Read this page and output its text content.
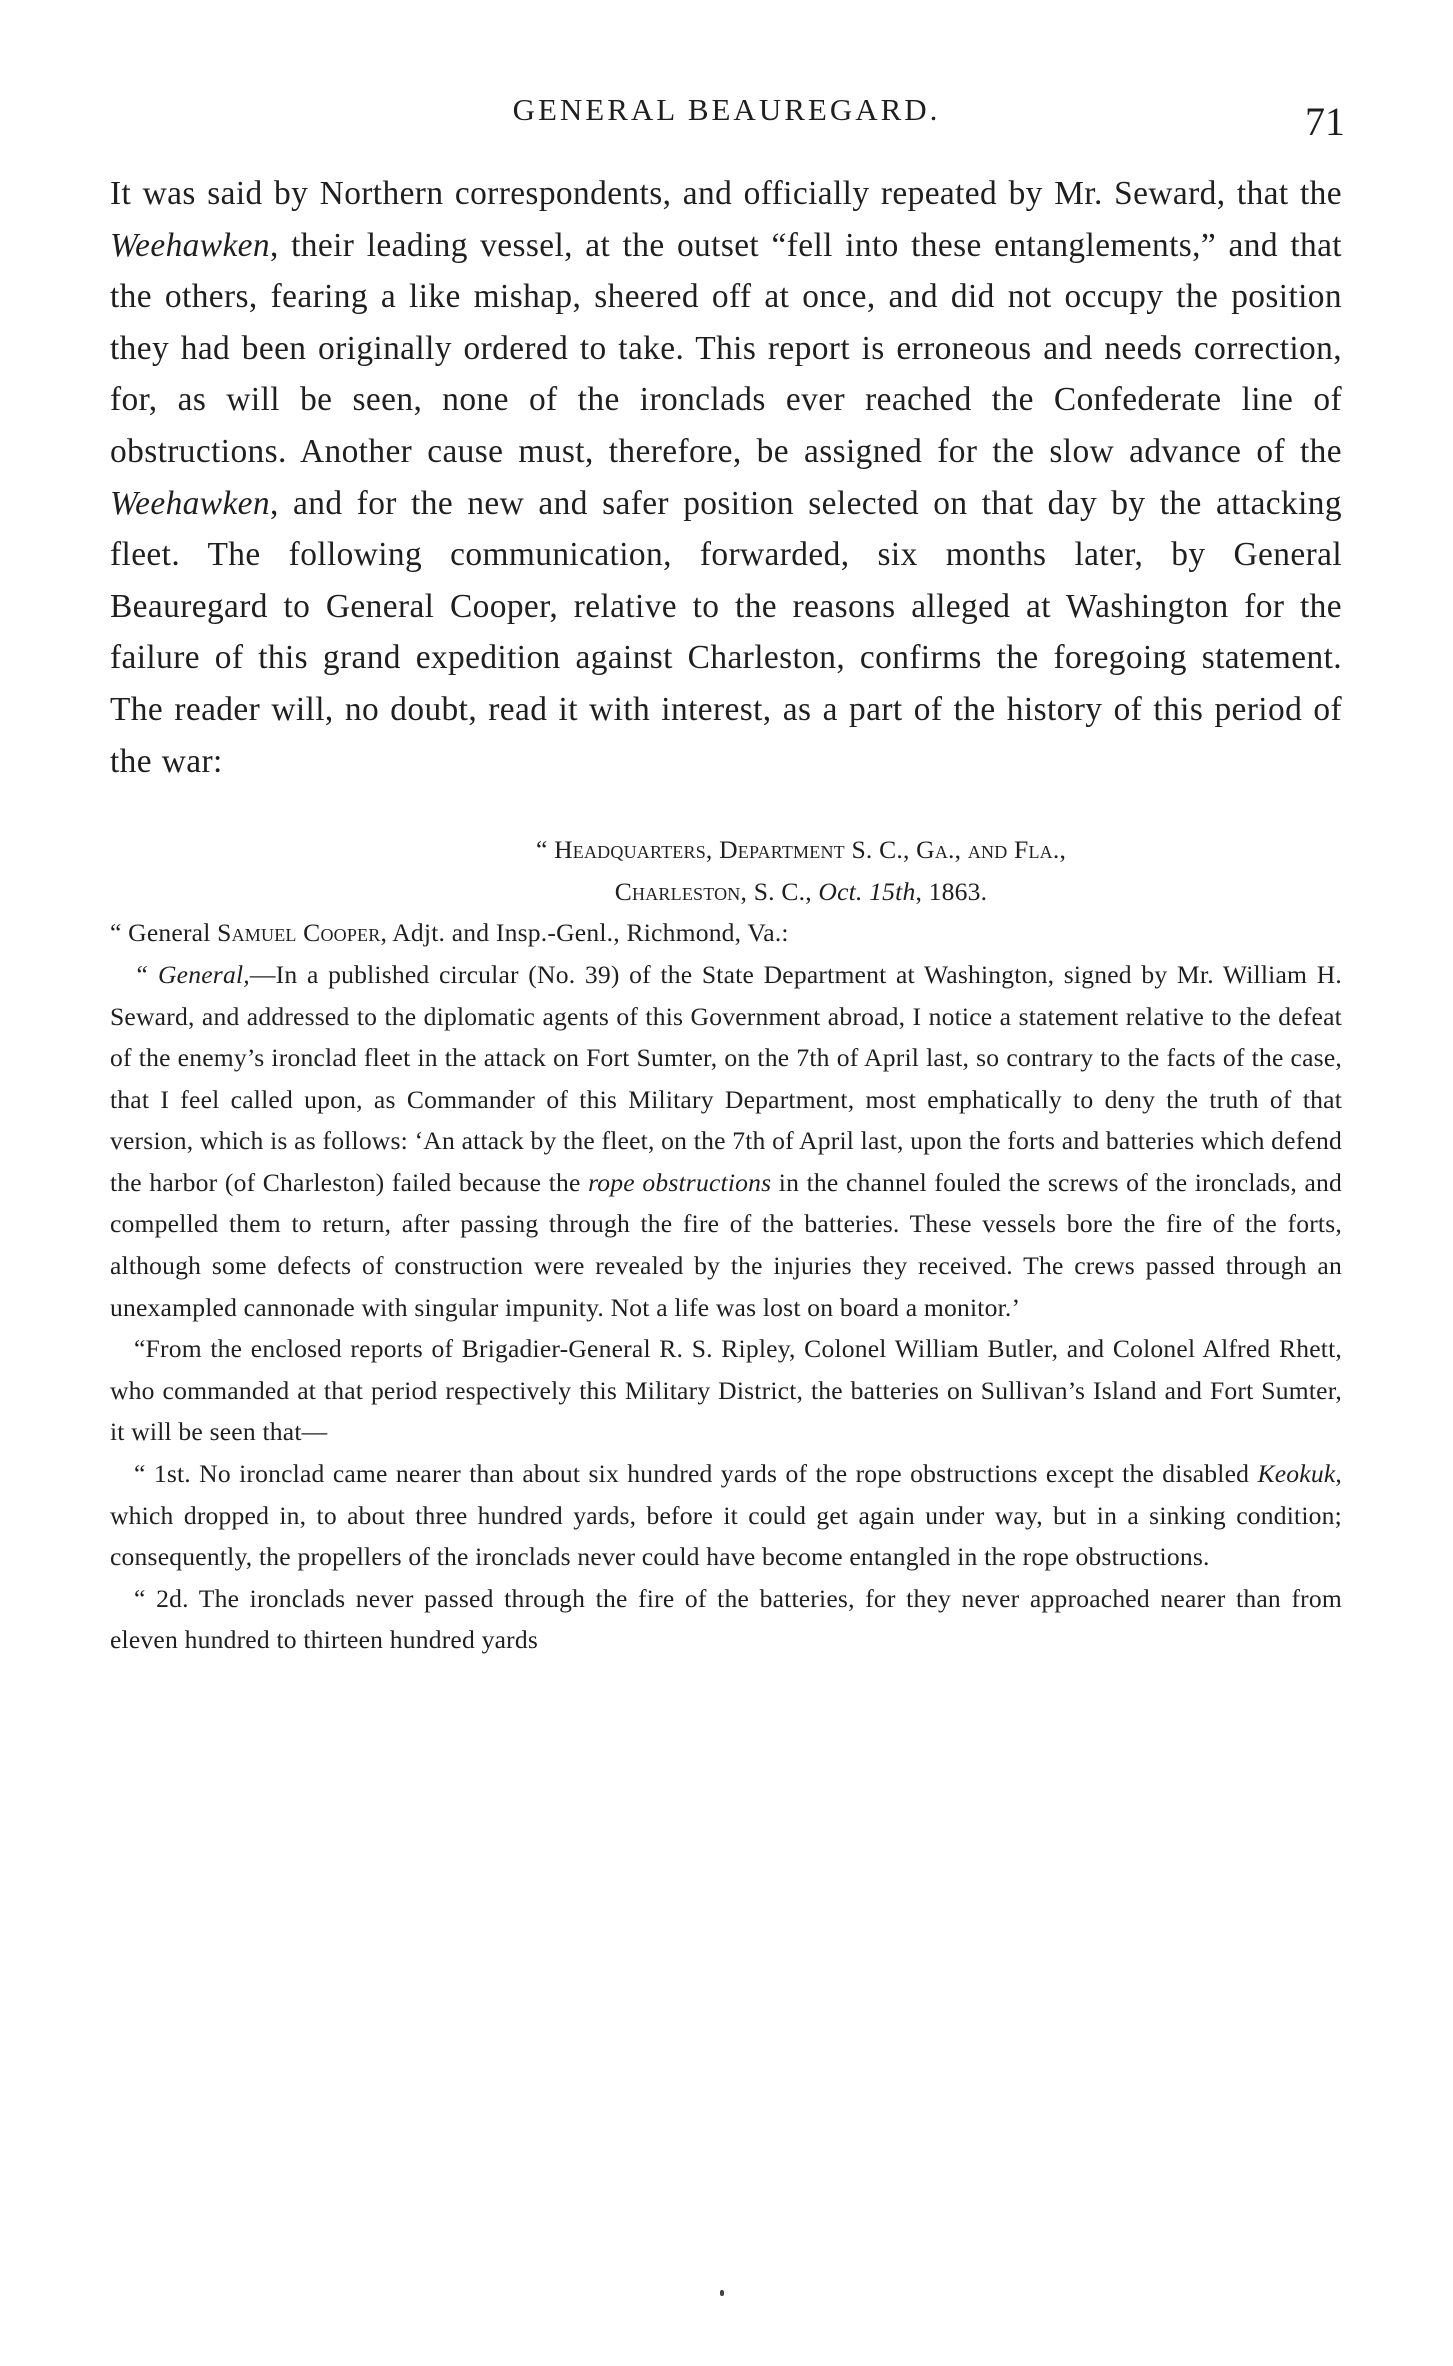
GENERAL BEAUREGARD.	71

It was said by Northern correspondents, and officially repeated by Mr. Seward, that the Weehawken, their leading vessel, at the outset “fell into these entanglements,” and that the others, fearing a like mishap, sheered off at once, and did not occupy the position they had been originally ordered to take. This report is erroneous and needs correction, for, as will be seen, none of the ironclads ever reached the Confederate line of obstructions. Another cause must, therefore, be assigned for the slow advance of the Weehawken, and for the new and safer position selected on that day by the attacking fleet. The following communication, forwarded, six months later, by General Beauregard to General Cooper, relative to the reasons alleged at Washington for the failure of this grand expedition against Charleston, confirms the foregoing statement. The reader will, no doubt, read it with interest, as a part of the history of this period of the war:

“ Headquarters, Department S. C., Ga., and Fla.,

Charleston, S. C., Oct. 15th, 1863.

“ General Samuel Cooper, Adjt. and Insp.-Genl., Richmond, Va.:

“ General,—In a published circular (No. 39) of the State Department at Washington, signed by Mr. William H. Seward, and addressed to the diplomatic agents of this Government abroad, I notice a statement relative to the defeat of the enemy’s ironclad fleet in the attack on Fort Sumter, on the 7th of April last, so contrary to the facts of the case, that I feel called upon, as Commander of this Military Department, most emphatically to deny the truth of that version, which is as follows: ‘An attack by the fleet, on the 7th of April last, upon the forts and batteries which defend the harbor (of Charleston) failed because the rope obstructions in the channel fouled the screws of the ironclads, and compelled them to return, after passing through the fire of the batteries. These vessels bore the fire of the forts, although some defects of construction were revealed by the injuries they received. The crews passed through an unexampled cannonade with singular impunity. Not a life was lost on board a monitor.’

“From the enclosed reports of Brigadier-General R. S. Ripley, Colonel William Butler, and Colonel Alfred Rhett, who commanded at that period respectively this Military District, the batteries on Sullivan’s Island and Fort Sumter, it will be seen that—

“ 1st. No ironclad came nearer than about six hundred yards of the rope obstructions except the disabled Keokuk, which dropped in, to about three hundred yards, before it could get again under way, but in a sinking condition; consequently, the propellers of the ironclads never could have become entangled in the rope obstructions.

“ 2d. The ironclads never passed through the fire of the batteries, for they never approached nearer than from eleven hundred to thirteen hundred yards
